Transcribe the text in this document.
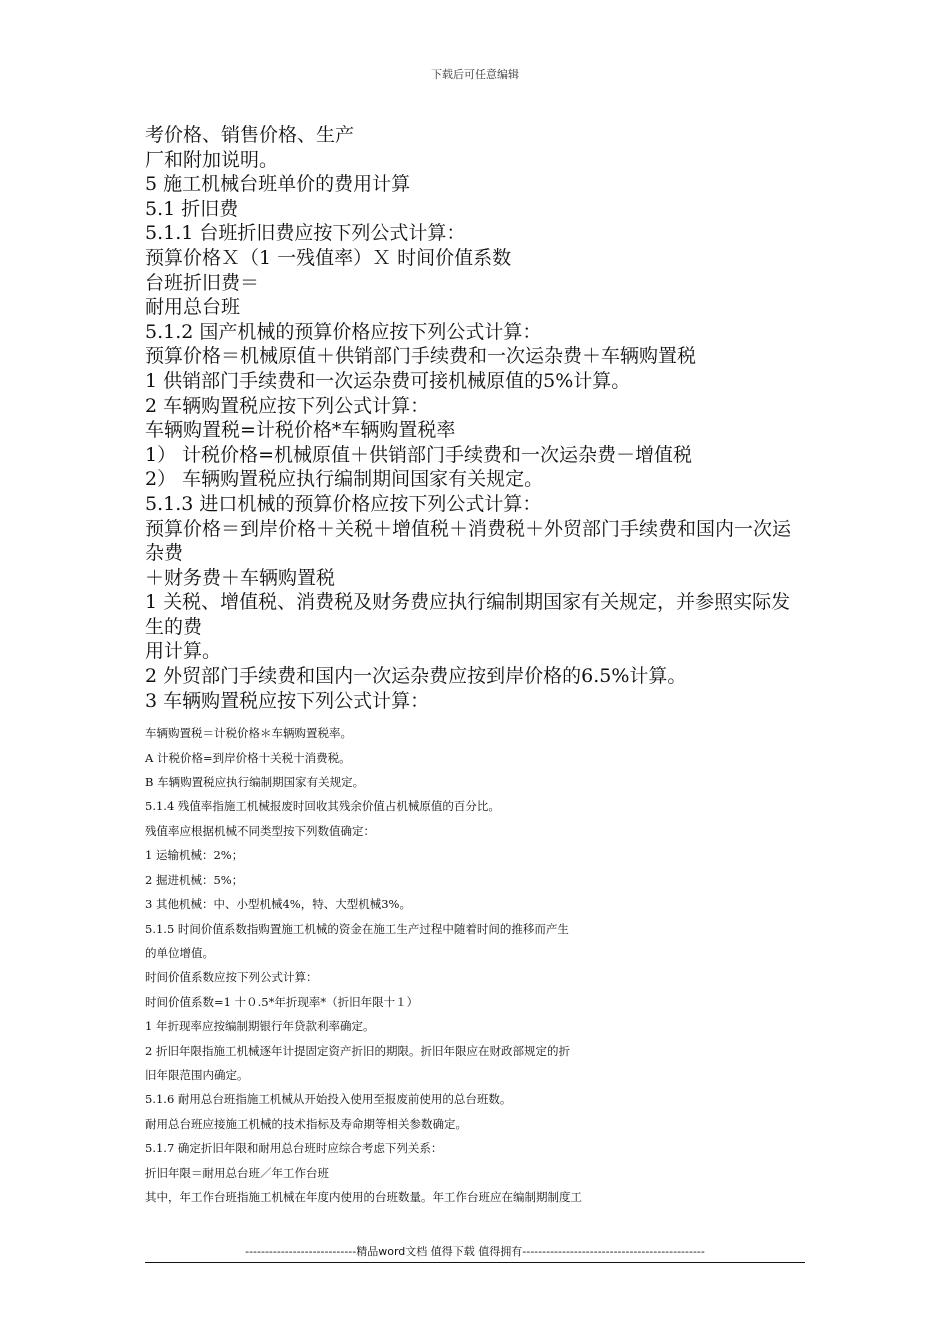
下载后可任意编辑

考价格、销售价格、生产

厂和附加说明。

5 施工机械台班单价的费用计算

5.1 折旧费

5.1.1 台班折旧费应按下列公式计算：

预算价格Ｘ（1 一残值率）Ｘ 时间价值系数

台班折旧费＝

耐用总台班

5.1.2 国产机械的预算价格应按下列公式计算：

预算价格＝机械原值＋供销部门手续费和一次运杂费＋车辆购置税

1 供销部门手续费和一次运杂费可接机械原值的5%计算。

2 车辆购置税应按下列公式计算：

车辆购置税=计税价格*车辆购置税率

1） 计税价格=机械原值＋供销部门手续费和一次运杂费－增值税

2） 车辆购置税应执行编制期间国家有关规定。

5.1.3 进口机械的预算价格应按下列公式计算：

预算价格＝到岸价格＋关税＋增值税＋消费税＋外贸部门手续费和国内一次运杂费

＋财务费＋车辆购置税

1 关税、增值税、消费税及财务费应执行编制期国家有关规定，并参照实际发生的费

用计算。

2 外贸部门手续费和国内一次运杂费应按到岸价格的6.5%计算。

3 车辆购置税应按下列公式计算：

车辆购置税＝计税价格＊车辆购置税率。

A 计税价格=到岸价格十关税十消费税。

B 车辆购置税应执行编制期国家有关规定。

5.1.4 残值率指施工机械报废时回收其残余价值占机械原值的百分比。

残值率应根据机械不同类型按下列数值确定：

1 运输机械：2%；

2 掘进机械：5%；

3 其他机械：中、小型机械4%，特、大型机械3%。

5.1.5 时间价值系数指购置施工机械的资金在施工生产过程中随着时间的推移而产生

的单位增值。

时间价值系数应按下列公式计算：

时间价值系数=1 十０.5*年折现率*（折旧年限十１）

1 年折现率应按编制期银行年贷款利率确定。

2 折旧年限指施工机械逐年计提固定资产折旧的期限。折旧年限应在财政部规定的折

旧年限范围内确定。

5.1.6 耐用总台班指施工机械从开始投入使用至报废前使用的总台班数。

耐用总台班应接施工机械的技术指标及寿命期等相关参数确定。

5.1.7 确定折旧年限和耐用总台班时应综合考虑下列关系：

折旧年限＝耐用总台班／年工作台班

其中，年工作台班指施工机械在年度内使用的台班数量。年工作台班应在编制期制度工

----------------------------精品word文档 值得下载 值得拥有----------------------------------------------
